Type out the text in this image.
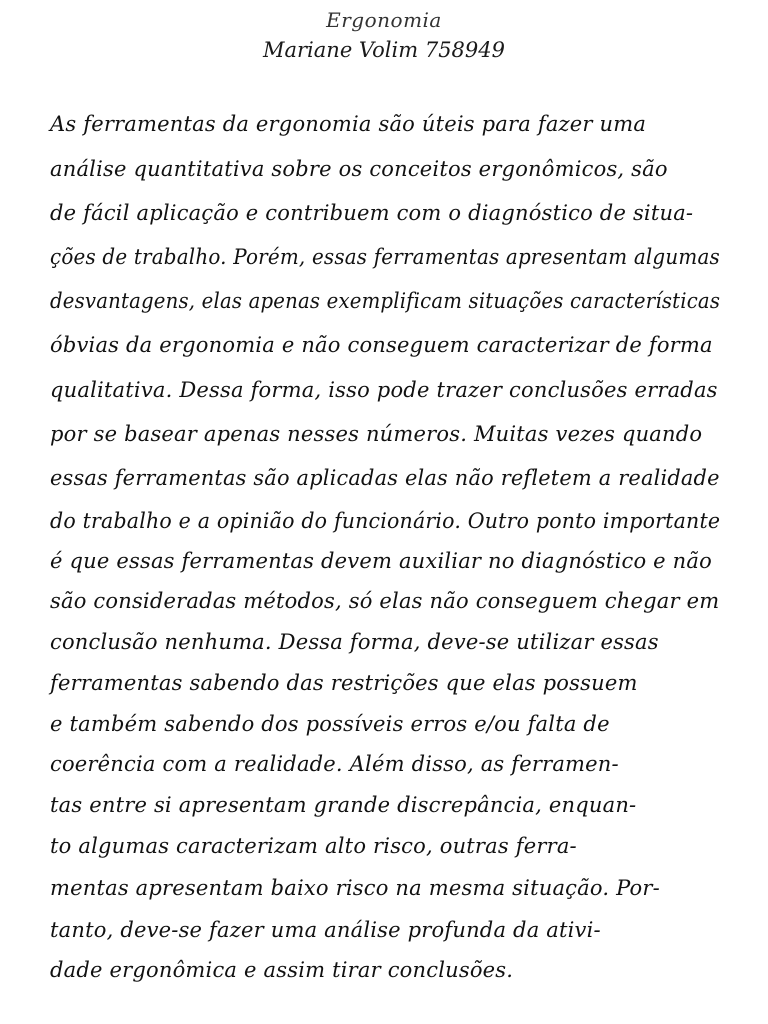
Ergonomia
Mariane Volim 758949
As ferramentas da ergonomia são úteis para fazer uma
análise quantitativa sobre os conceitos ergonômicos, são
de fácil aplicação e contribuem com o diagnóstico de situa-
ções de trabalho. Porém, essas ferramentas apresentam algumas
desvantagens, elas apenas exemplificam situações características
óbvias da ergonomia e não conseguem caracterizar de forma
qualitativa. Dessa forma, isso pode trazer conclusões erradas
por se basear apenas nesses números. Muitas vezes quando
essas ferramentas são aplicadas elas não refletem a realidade
do trabalho e a opinião do funcionário. Outro ponto importante
é que essas ferramentas devem auxiliar no diagnóstico e não
são consideradas métodos, só elas não conseguem chegar em
conclusão nenhuma. Dessa forma, deve-se utilizar essas
ferramentas sabendo das restrições que elas possuem
e também sabendo dos possíveis erros e/ou falta de
coerência com a realidade. Além disso, as ferramen-
tas entre si apresentam grande discrepância, enquan-
to algumas caracterizam alto risco, outras ferra-
mentas apresentam baixo risco na mesma situação. Por-
tanto, deve-se fazer uma análise profunda da ativi-
dade ergonômica e assim tirar conclusões.
